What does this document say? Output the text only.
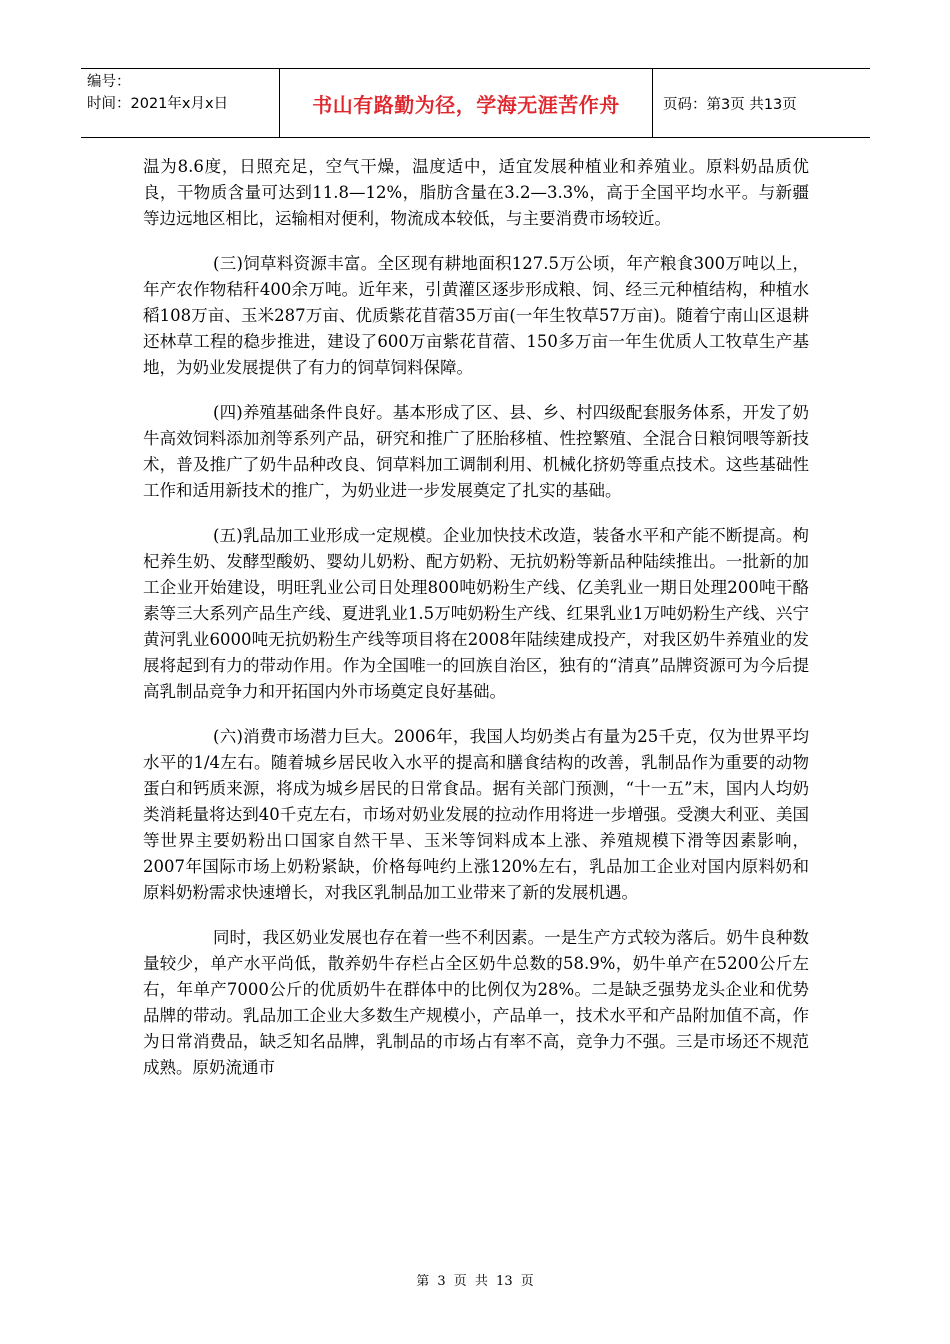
编号：
时间：2021年x月x日	书山有路勤为径，学海无涯苦作舟	页码：第3页 共13页

温为8.6度，日照充足，空气干燥，温度适中，适宜发展种植业和养殖业。原料奶品质优良，干物质含量可达到11.8—12%，脂肪含量在3.2—3.3%，高于全国平均水平。与新疆等边远地区相比，运输相对便利，物流成本较低，与主要消费市场较近。

(三)饲草料资源丰富。全区现有耕地面积127.5万公顷，年产粮食300万吨以上，年产农作物秸秆400余万吨。近年来，引黄灌区逐步形成粮、饲、经三元种植结构，种植水稻108万亩、玉米287万亩、优质紫花苜蓿35万亩(一年生牧草57万亩)。随着宁南山区退耕还林草工程的稳步推进，建设了600万亩紫花苜蓿、150多万亩一年生优质人工牧草生产基地，为奶业发展提供了有力的饲草饲料保障。

(四)养殖基础条件良好。基本形成了区、县、乡、村四级配套服务体系，开发了奶牛高效饲料添加剂等系列产品，研究和推广了胚胎移植、性控繁殖、全混合日粮饲喂等新技术，普及推广了奶牛品种改良、饲草料加工调制利用、机械化挤奶等重点技术。这些基础性工作和适用新技术的推广，为奶业进一步发展奠定了扎实的基础。

(五)乳品加工业形成一定规模。企业加快技术改造，装备水平和产能不断提高。枸杞养生奶、发酵型酸奶、婴幼儿奶粉、配方奶粉、无抗奶粉等新品种陆续推出。一批新的加工企业开始建设，明旺乳业公司日处理800吨奶粉生产线、亿美乳业一期日处理200吨干酪素等三大系列产品生产线、夏进乳业1.5万吨奶粉生产线、红果乳业1万吨奶粉生产线、兴宁黄河乳业6000吨无抗奶粉生产线等项目将在2008年陆续建成投产，对我区奶牛养殖业的发展将起到有力的带动作用。作为全国唯一的回族自治区，独有的“清真”品牌资源可为今后提高乳制品竞争力和开拓国内外市场奠定良好基础。

(六)消费市场潜力巨大。2006年，我国人均奶类占有量为25千克，仅为世界平均水平的1/4左右。随着城乡居民收入水平的提高和膳食结构的改善，乳制品作为重要的动物蛋白和钙质来源，将成为城乡居民的日常食品。据有关部门预测，“十一五”末，国内人均奶类消耗量将达到40千克左右，市场对奶业发展的拉动作用将进一步增强。受澳大利亚、美国等世界主要奶粉出口国家自然干旱、玉米等饲料成本上涨、养殖规模下滑等因素影响，2007年国际市场上奶粉紧缺，价格每吨约上涨120%左右，乳品加工企业对国内原料奶和原料奶粉需求快速增长，对我区乳制品加工业带来了新的发展机遇。

同时，我区奶业发展也存在着一些不利因素。一是生产方式较为落后。奶牛良种数量较少，单产水平尚低，散养奶牛存栏占全区奶牛总数的58.9%，奶牛单产在5200公斤左右，年单产7000公斤的优质奶牛在群体中的比例仅为28%。二是缺乏强势龙头企业和优势品牌的带动。乳品加工企业大多数生产规模小，产品单一，技术水平和产品附加值不高，作为日常消费品，缺乏知名品牌，乳制品的市场占有率不高，竞争力不强。三是市场还不规范成熟。原奶流通市

第 3 页 共 13 页
